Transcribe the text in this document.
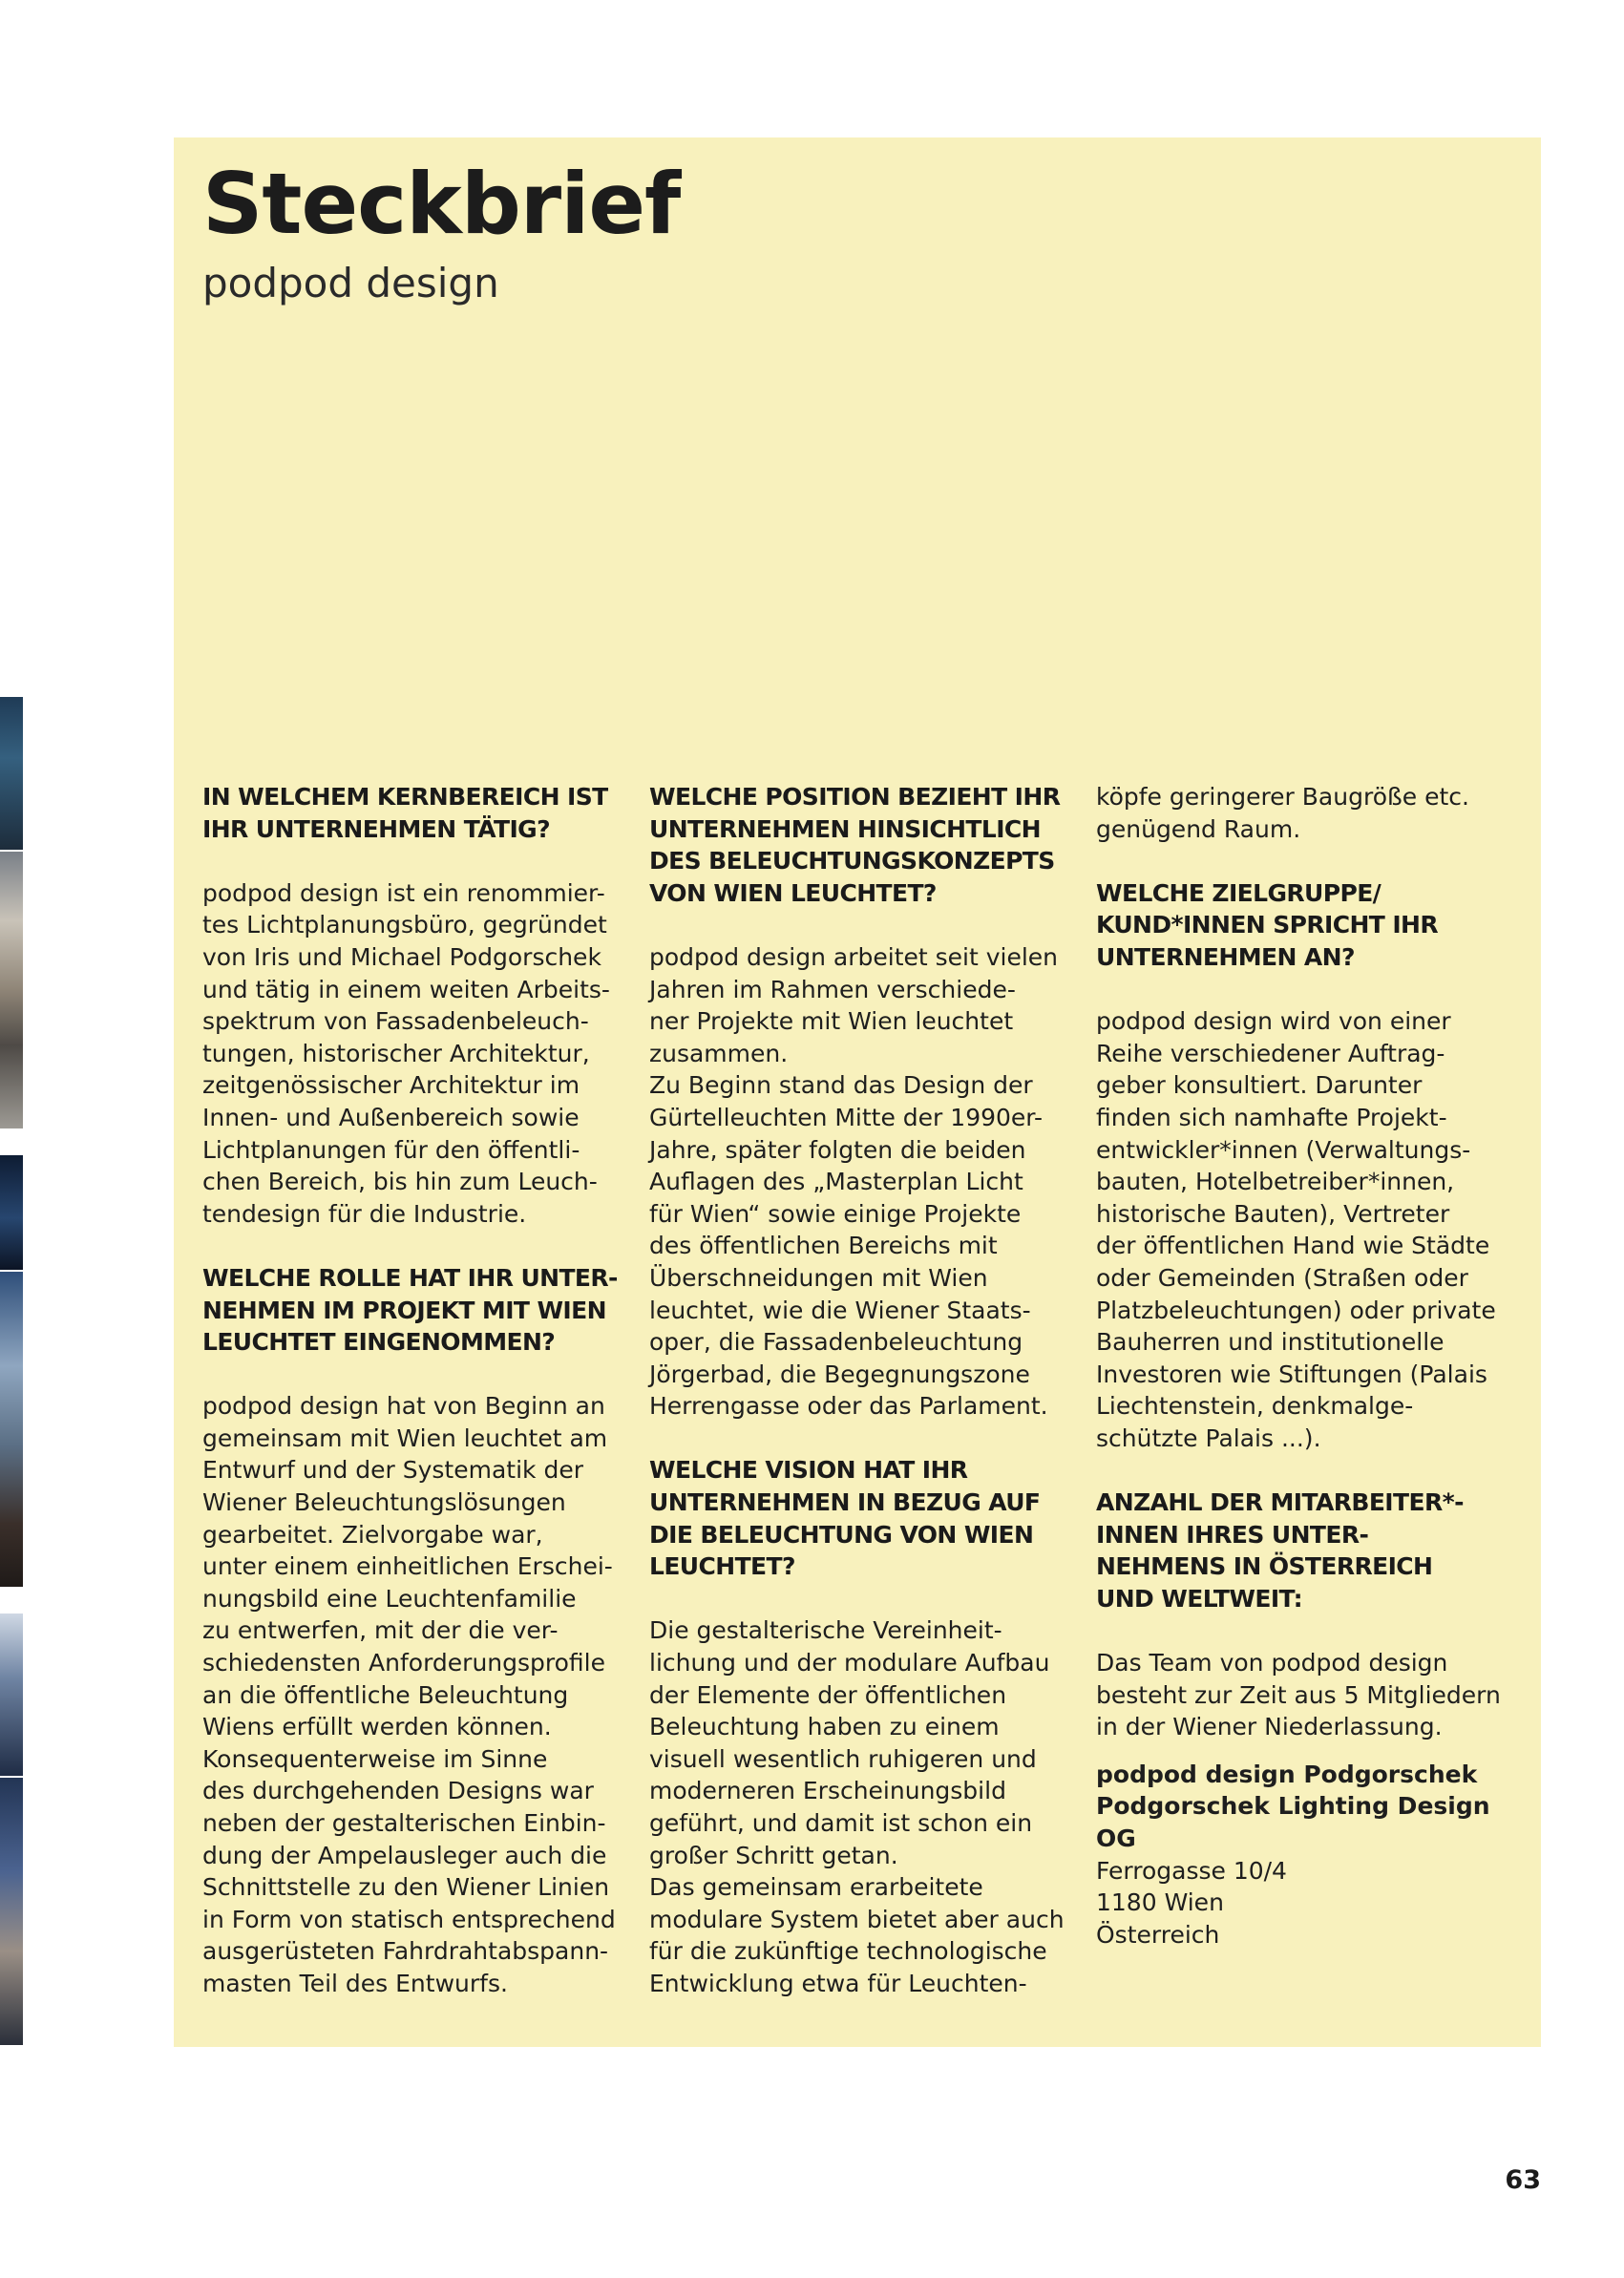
Steckbrief
podpod design
IN WELCHEM KERNBEREICH IST
IHR UNTERNEHMEN TÄTIG?

podpod design ist ein renommier-
tes Lichtplanungsbüro, gegründet
von Iris und Michael Podgorschek
und tätig in einem weiten Arbeits-
spektrum von Fassadenbeleuch-
tungen, historischer Architektur,
zeitgenössischer Architektur im
Innen- und Außenbereich sowie
Lichtplanungen für den öffentli-
chen Bereich, bis hin zum Leuch-
tendesign für die Industrie.

WELCHE ROLLE HAT IHR UNTER-
NEHMEN IM PROJEKT MIT WIEN
LEUCHTET EINGENOMMEN?

podpod design hat von Beginn an
gemeinsam mit Wien leuchtet am
Entwurf und der Systematik der
Wiener Beleuchtungslösungen
gearbeitet. Zielvorgabe war,
unter einem einheitlichen Erschei-
nungsbild eine Leuchtenfamilie
zu entwerfen, mit der die ver-
schiedensten Anforderungsprofile
an die öffentliche Beleuchtung
Wiens erfüllt werden können.
Konsequenterweise im Sinne
des durchgehenden Designs war
neben der gestalterischen Einbin-
dung der Ampelausleger auch die
Schnittstelle zu den Wiener Linien
in Form von statisch entsprechend
ausgerüsteten Fahrdrahtabspann-
masten Teil des Entwurfs.

WELCHE POSITION BEZIEHT IHR
UNTERNEHMEN HINSICHTLICH
DES BELEUCHTUNGSKONZEPTS
VON WIEN LEUCHTET?

podpod design arbeitet seit vielen
Jahren im Rahmen verschiede-
ner Projekte mit Wien leuchtet
zusammen.
Zu Beginn stand das Design der
Gürtelleuchten Mitte der 1990er-
Jahre, später folgten die beiden
Auflagen des „Masterplan Licht
für Wien“ sowie einige Projekte
des öffentlichen Bereichs mit
Überschneidungen mit Wien
leuchtet, wie die Wiener Staats-
oper, die Fassadenbeleuchtung
Jörgerbad, die Begegnungszone
Herrengasse oder das Parlament.

WELCHE VISION HAT IHR
UNTERNEHMEN IN BEZUG AUF
DIE BELEUCHTUNG VON WIEN
LEUCHTET?

Die gestalterische Vereinheit-
lichung und der modulare Aufbau
der Elemente der öffentlichen
Beleuchtung haben zu einem
visuell wesentlich ruhigeren und
moderneren Erscheinungsbild
geführt, und damit ist schon ein
großer Schritt getan.
Das gemeinsam erarbeitete
modulare System bietet aber auch
für die zukünftige technologische
Entwicklung etwa für Leuchten-

köpfe geringerer Baugröße etc.
genügend Raum.

WELCHE ZIELGRUPPE/
KUND*INNEN SPRICHT IHR
UNTERNEHMEN AN?

podpod design wird von einer
Reihe verschiedener Auftrag-
geber konsultiert. Darunter
finden sich namhafte Projekt-
entwickler*innen (Verwaltungs-
bauten, Hotelbetreiber*innen,
historische Bauten), Vertreter
der öffentlichen Hand wie Städte
oder Gemeinden (Straßen oder
Platzbeleuchtungen) oder private
Bauherren und institutionelle
Investoren wie Stiftungen (Palais
Liechtenstein, denkmalge-
schützte Palais ...).

ANZAHL DER MITARBEITER*-
INNEN IHRES UNTER-
NEHMENS IN ÖSTERREICH
UND WELTWEIT:

Das Team von podpod design
besteht zur Zeit aus 5 Mitgliedern
in der Wiener Niederlassung.

podpod design Podgorschek
Podgorschek Lighting Design
OG

Ferrogasse 10/4
1180 Wien
Österreich

63
